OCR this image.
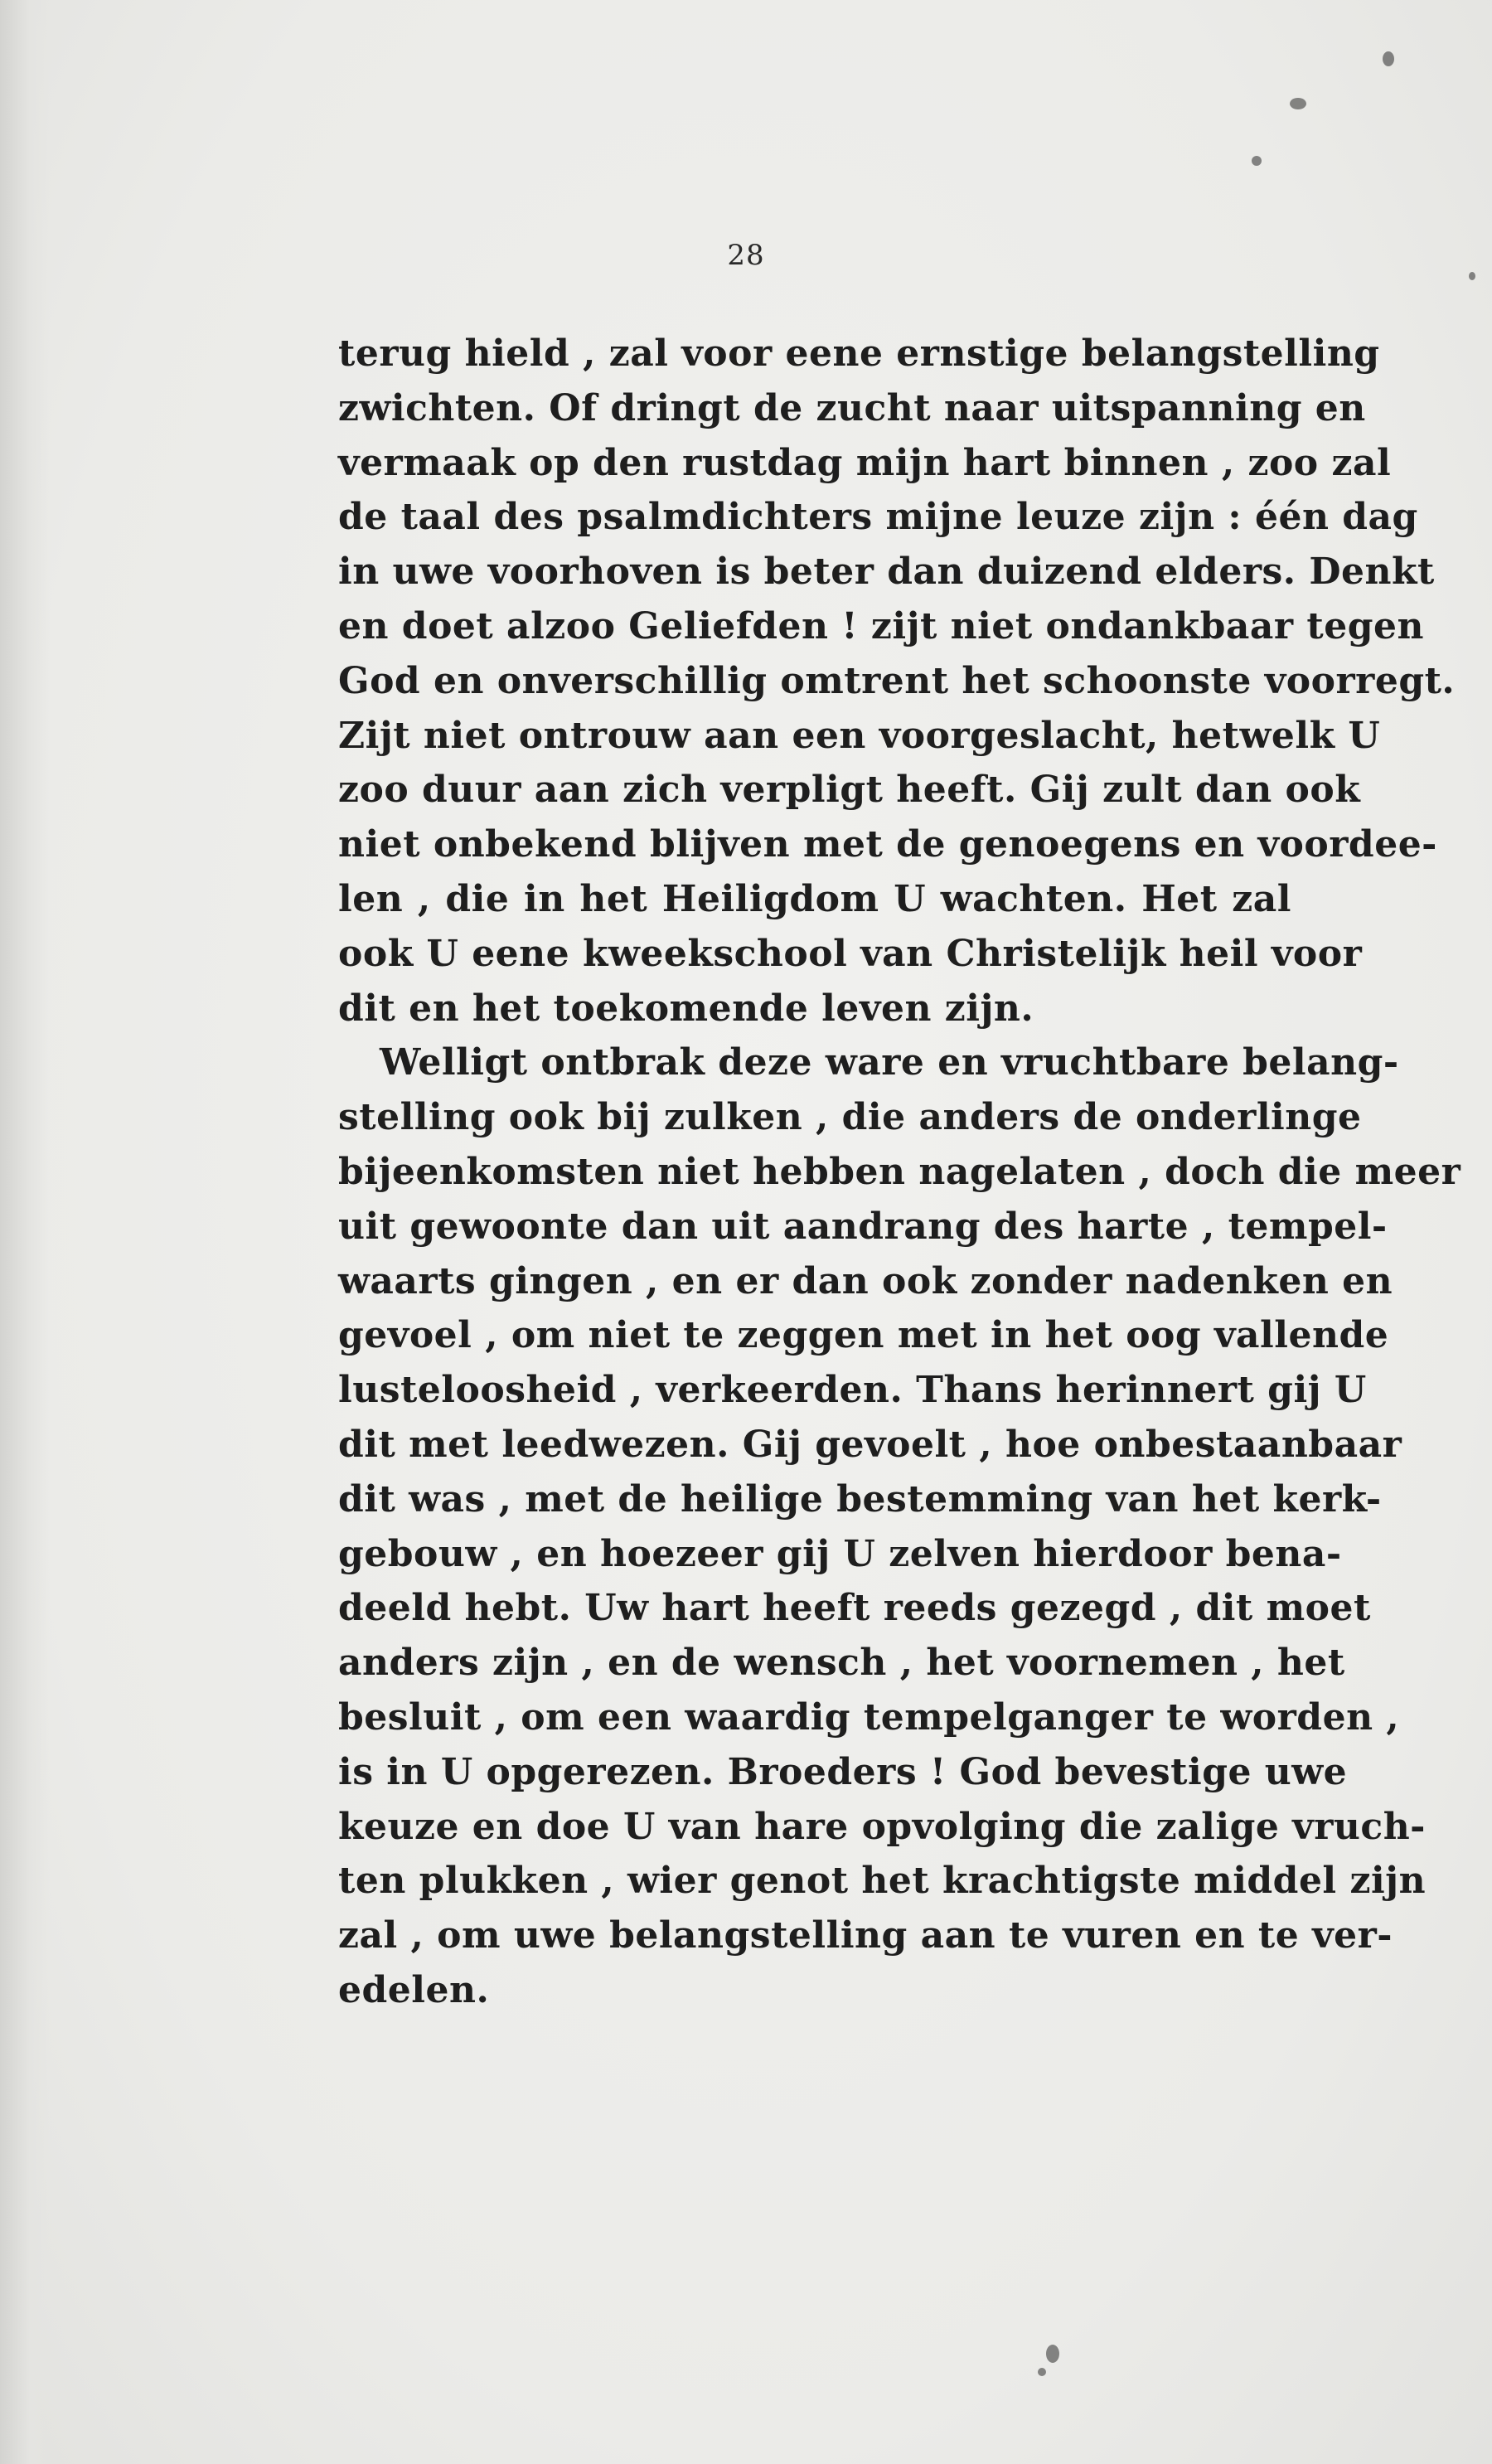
28
terug hield , zal voor eene ernstige belangstelling
zwichten. Of dringt de zucht naar uitspanning en
vermaak op den rustdag mijn hart binnen , zoo zal
de taal des psalmdichters mijne leuze zijn : één dag
in uwe voorhoven is beter dan duizend elders. Denkt
en doet alzoo Geliefden ! zijt niet ondankbaar tegen
God en onverschillig omtrent het schoonste voorregt.
Zijt niet ontrouw aan een voorgeslacht, hetwelk U
zoo duur aan zich verpligt heeft. Gij zult dan ook
niet onbekend blijven met de genoegens en voordee-
len , die in het Heiligdom U wachten. Het zal
ook U eene kweekschool van Christelijk heil voor
dit en het toekomende leven zijn.
Welligt ontbrak deze ware en vruchtbare belang-
stelling ook bij zulken , die anders de onderlinge
bijeenkomsten niet hebben nagelaten , doch die meer
uit gewoonte dan uit aandrang des harte , tempel-
waarts gingen , en er dan ook zonder nadenken en
gevoel , om niet te zeggen met in het oog vallende
lusteloosheid , verkeerden. Thans herinnert gij U
dit met leedwezen. Gij gevoelt , hoe onbestaanbaar
dit was , met de heilige bestemming van het kerk-
gebouw , en hoezeer gij U zelven hierdoor bena-
deeld hebt. Uw hart heeft reeds gezegd , dit moet
anders zijn , en de wensch , het voornemen , het
besluit , om een waardig tempelganger te worden ,
is in U opgerezen. Broeders ! God bevestige uwe
keuze en doe U van hare opvolging die zalige vruch-
ten plukken , wier genot het krachtigste middel zijn
zal , om uwe belangstelling aan te vuren en te ver-
edelen.
